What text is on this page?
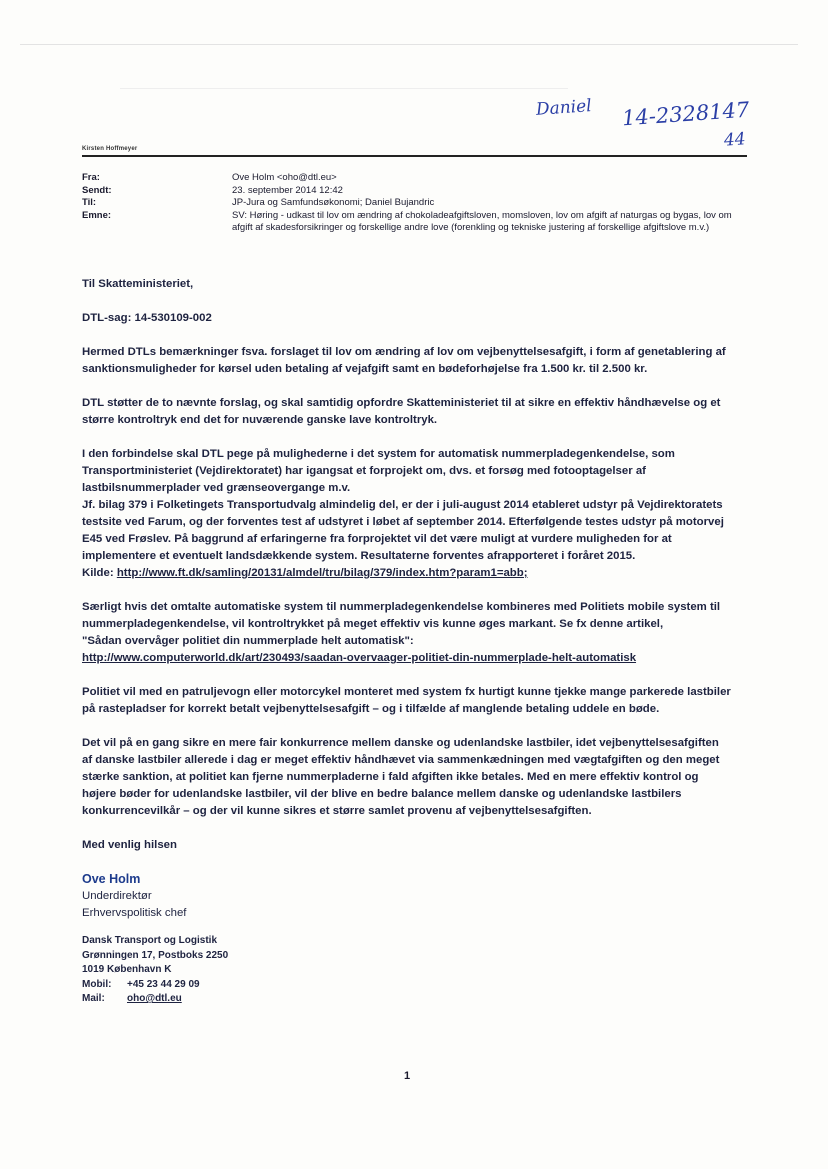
Daniel 14-2328147
44
Kirsten Hoffmeyer
Fra:	Ove Holm <oho@dtl.eu>
Sendt:	23. september 2014 12:42
Til:	JP-Jura og Samfundsøkonomi; Daniel Bujandric
Emne:	SV: Høring - udkast til lov om ændring af chokoladeafgiftsloven, momsloven, lov om afgift af naturgas og bygas, lov om afgift af skadesforsikringer og forskellige andre love (forenkling og tekniske justering af forskellige afgiftslove m.v.)

Til Skatteministeriet,

DTL-sag: 14-530109-002

Hermed DTLs bemærkninger fsva. forslaget til lov om ændring af lov om vejbenyttelsesafgift, i form af genetablering af sanktionsmuligheder for kørsel uden betaling af vejafgift samt en bødeforhøjelse fra 1.500 kr. til 2.500 kr.

DTL støtter de to nævnte forslag, og skal samtidig opfordre Skatteministeriet til at sikre en effektiv håndhævelse og et større kontroltryk end det for nuværende ganske lave kontroltryk.

I den forbindelse skal DTL pege på mulighederne i det system for automatisk nummerpladegenkendelse, som Transportministeriet (Vejdirektoratet) har igangsat et forprojekt om, dvs. et forsøg med fotooptagelser af lastbilsnummerplader ved grænseovergange m.v.
Jf. bilag 379 i Folketingets Transportudvalg almindelig del, er der i juli-august 2014 etableret udstyr på Vejdirektoratets testsite ved Farum, og der forventes test af udstyret i løbet af september 2014. Efterfølgende testes udstyr på motorvej E45 ved Frøslev. På baggrund af erfaringerne fra forprojektet vil det være muligt at vurdere muligheden for at implementere et eventuelt landsdækkende system. Resultaterne forventes afrapporteret i foråret 2015.
Kilde: http://www.ft.dk/samling/20131/almdel/tru/bilag/379/index.htm?param1=abb;

Særligt hvis det omtalte automatiske system til nummerpladegenkendelse kombineres med Politiets mobile system til nummerpladegenkendelse, vil kontroltrykket på meget effektiv vis kunne øges markant. Se fx denne artikel,
"Sådan overvåger politiet din nummerplade helt automatisk":
http://www.computerworld.dk/art/230493/saadan-overvaager-politiet-din-nummerplade-helt-automatisk

Politiet vil med en patruljevogn eller motorcykel monteret med system fx hurtigt kunne tjekke mange parkerede lastbiler på rastepladser for korrekt betalt vejbenyttelsesafgift – og i tilfælde af manglende betaling uddele en bøde.

Det vil på en gang sikre en mere fair konkurrence mellem danske og udenlandske lastbiler, idet vejbenyttelsesafgiften af danske lastbiler allerede i dag er meget effektiv håndhævet via sammenkædningen med vægtafgiften og den meget stærke sanktion, at politiet kan fjerne nummerpladerne i fald afgiften ikke betales. Med en mere effektiv kontrol og højere bøder for udenlandske lastbiler, vil der blive en bedre balance mellem danske og udenlandske lastbilers konkurrencevilkår – og der vil kunne sikres et større samlet provenu af vejbenyttelsesafgiften.

Med venlig hilsen

Ove Holm
Underdirektør
Erhvervspolitisk chef
Dansk Transport og Logistik
Grønningen 17, Postboks 2250
1019 København K
Mobil:	+45 23 44 29 09
Mail:	oho@dtl.eu
1
